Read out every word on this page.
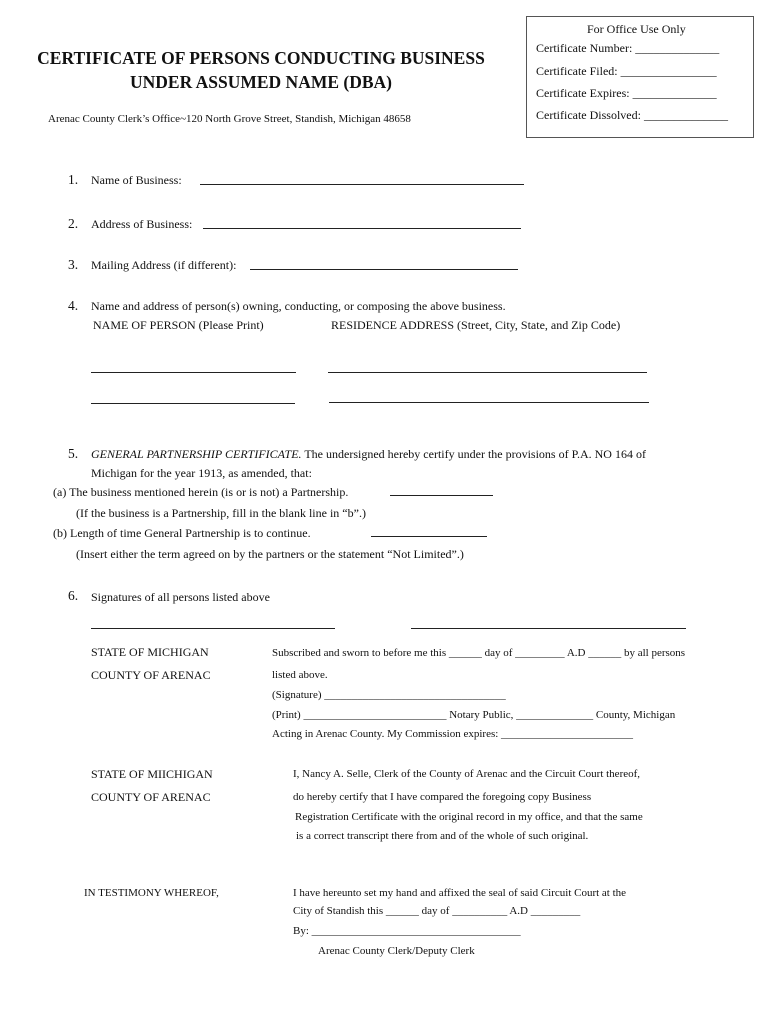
For Office Use Only
Certificate Number: ______________
Certificate Filed: ________________
Certificate Expires: ______________
Certificate Dissolved: ______________
CERTIFICATE OF PERSONS CONDUCTING BUSINESS
UNDER ASSUMED NAME (DBA)
Arenac County Clerk’s Office~120 North Grove Street, Standish, Michigan 48658
1. Name of Business:
2. Address of Business:
3. Mailing Address (if different):
4. Name and address of person(s) owning, conducting, or composing the above business.
NAME OF PERSON (Please Print)	RESIDENCE ADDRESS (Street, City, State, and Zip Code)
5. GENERAL PARTNERSHIP CERTIFICATE. The undersigned hereby certify under the provisions of P.A. NO 164 of
Michigan for the year 1913, as amended, that:
(a) The business mentioned herein (is or is not) a Partnership.
(If the business is a Partnership, fill in the blank line in “b”.)
(b) Length of time General Partnership is to continue.
(Insert either the term agreed on by the partners or the statement “Not Limited”.)
6. Signatures of all persons listed above
STATE OF MICHIGAN
COUNTY OF ARENAC
Subscribed and sworn to before me this ______ day of _________ A.D ______ by all persons
listed above.
(Signature) _________________________________
(Print) __________________________ Notary Public, ______________ County, Michigan
Acting in Arenac County. My Commission expires: ________________________
STATE OF MIICHIGAN
COUNTY OF ARENAC
I, Nancy A. Selle, Clerk of the County of Arenac and the Circuit Court thereof,
do hereby certify that I have compared the foregoing copy Business
Registration Certificate with the original record in my office, and that the same
is a correct transcript there from and of the whole of such original.
IN TESTIMONY WHEREOF,	I have hereunto set my hand and affixed the seal of said Circuit Court at the
City of Standish this ______ day of __________ A.D _________
By: ______________________________________
Arenac County Clerk/Deputy Clerk
